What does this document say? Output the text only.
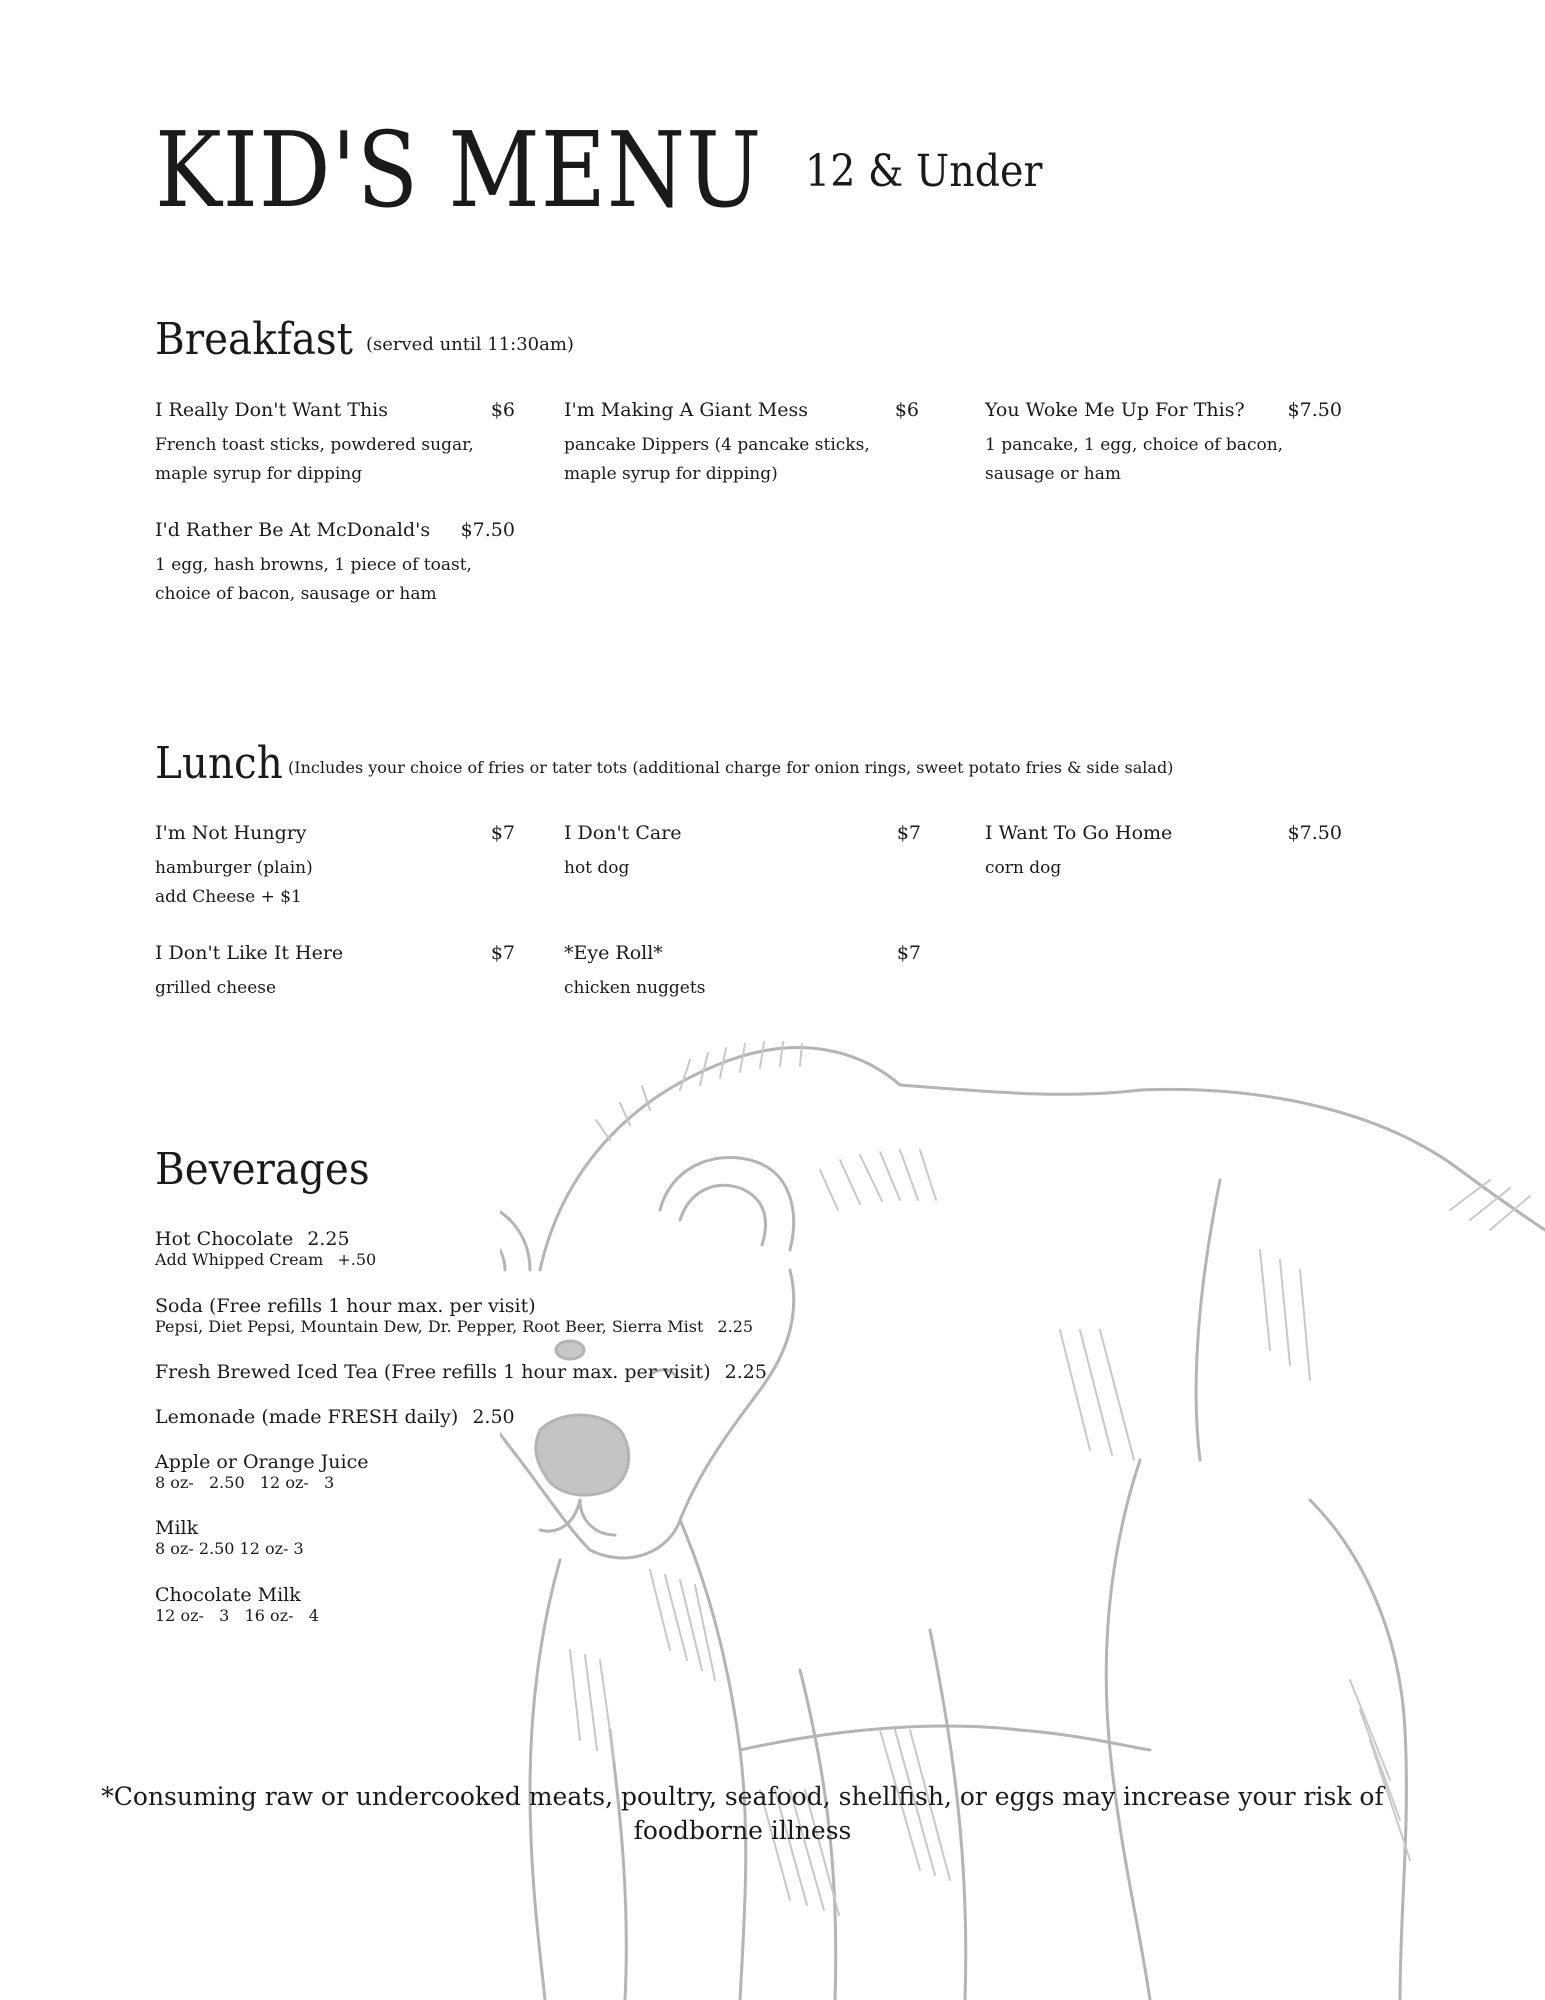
KID'S MENU 12 & Under
Breakfast (served until 11:30am)
I Really Don't Want This	$6
French toast sticks, powdered sugar, maple syrup for dipping
I'm Making A Giant Mess	$6
pancake Dippers (4 pancake sticks, maple syrup for dipping)
You Woke Me Up For This? $7.50
1 pancake, 1 egg, choice of bacon, sausage or ham
I'd Rather Be At McDonald's $7.50
1 egg, hash browns, 1 piece of toast, choice of bacon, sausage or ham
Lunch (Includes your choice of fries or tater tots (additional charge for onion rings, sweet potato fries & side salad)
I'm Not Hungry	$7
hamburger (plain)
add Cheese + $1
I Don't Care	$7
hot dog
I Want To Go Home	$7.50
corn dog
I Don't Like It Here	$7
grilled cheese
*Eye Roll*	$7
chicken nuggets
Beverages
Hot Chocolate 2.25
Add Whipped Cream +.50
Soda (Free refills 1 hour max. per visit)
Pepsi, Diet Pepsi, Mountain Dew, Dr. Pepper, Root Beer, Sierra Mist 2.25
Fresh Brewed Iced Tea (Free refills 1 hour max. per visit) 2.25
Lemonade (made FRESH daily) 2.50
Apple or Orange Juice
8 oz-   2.50   12 oz-   3
Milk
8 oz- 2.50 12 oz- 3
Chocolate Milk
12 oz-   3   16 oz-   4
*Consuming raw or undercooked meats, poultry, seafood, shellfish, or eggs may increase your risk of foodborne illness
